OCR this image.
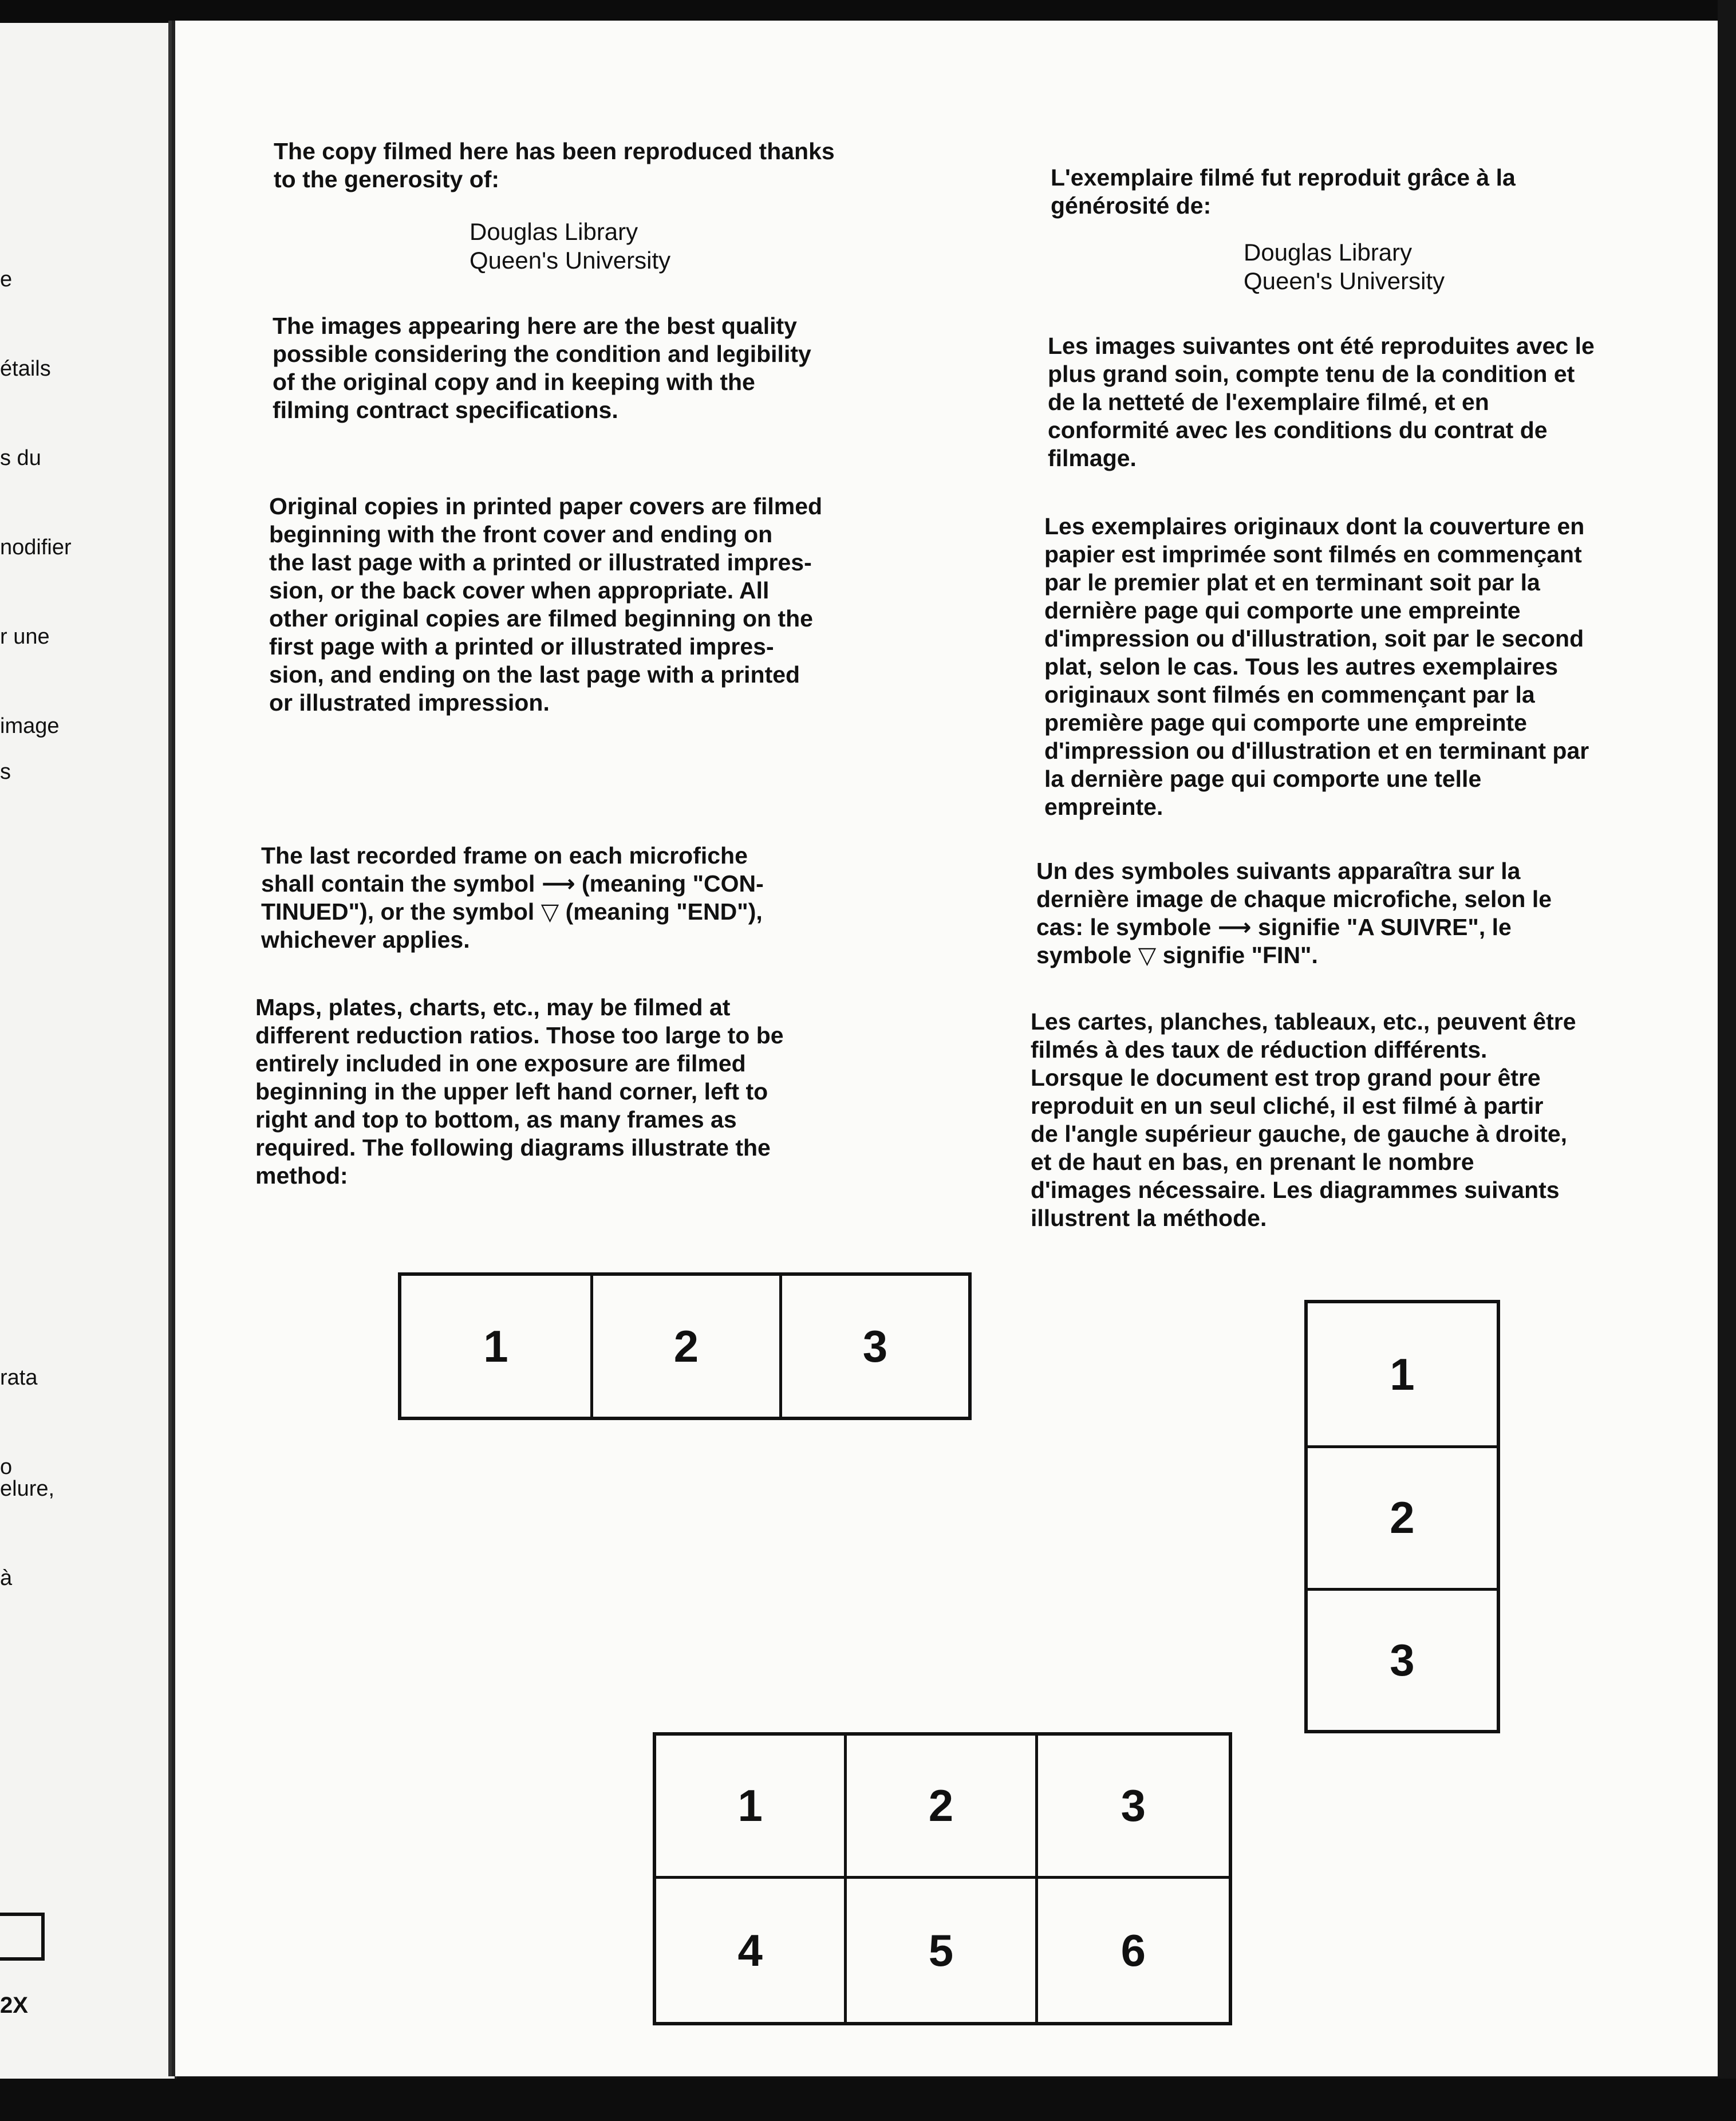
e

étails

s du

nodifier

r une

image

s

rata

o

elure,

à

2X

The copy filmed here has been reproduced thanks
to the generosity of:

Douglas Library
Queen's University

The images appearing here are the best quality
possible considering the condition and legibility
of the original copy and in keeping with the
filming contract specifications.

Original copies in printed paper covers are filmed
beginning with the front cover and ending on
the last page with a printed or illustrated impres-
sion, or the back cover when appropriate. All
other original copies are filmed beginning on the
first page with a printed or illustrated impres-
sion, and ending on the last page with a printed
or illustrated impression.

The last recorded frame on each microfiche
shall contain the symbol ⟶ (meaning "CON-
TINUED"), or the symbol ▽ (meaning "END"),
whichever applies.

Maps, plates, charts, etc., may be filmed at
different reduction ratios. Those too large to be
entirely included in one exposure are filmed
beginning in the upper left hand corner, left to
right and top to bottom, as many frames as
required. The following diagrams illustrate the
method:

L'exemplaire filmé fut reproduit grâce à la
générosité de:

Douglas Library
Queen's University

Les images suivantes ont été reproduites avec le
plus grand soin, compte tenu de la condition et
de la netteté de l'exemplaire filmé, et en
conformité avec les conditions du contrat de
filmage.

Les exemplaires originaux dont la couverture en
papier est imprimée sont filmés en commençant
par le premier plat et en terminant soit par la
dernière page qui comporte une empreinte
d'impression ou d'illustration, soit par le second
plat, selon le cas. Tous les autres exemplaires
originaux sont filmés en commençant par la
première page qui comporte une empreinte
d'impression ou d'illustration et en terminant par
la dernière page qui comporte une telle
empreinte.

Un des symboles suivants apparaîtra sur la
dernière image de chaque microfiche, selon le
cas: le symbole ⟶ signifie "A SUIVRE", le
symbole ▽ signifie "FIN".

Les cartes, planches, tableaux, etc., peuvent être
filmés à des taux de réduction différents.
Lorsque le document est trop grand pour être
reproduit en un seul cliché, il est filmé à partir
de l'angle supérieur gauche, de gauche à droite,
et de haut en bas, en prenant le nombre
d'images nécessaire. Les diagrammes suivants
illustrent la méthode.

1	2	3
1
2
3
1	2	3
4	5	6
